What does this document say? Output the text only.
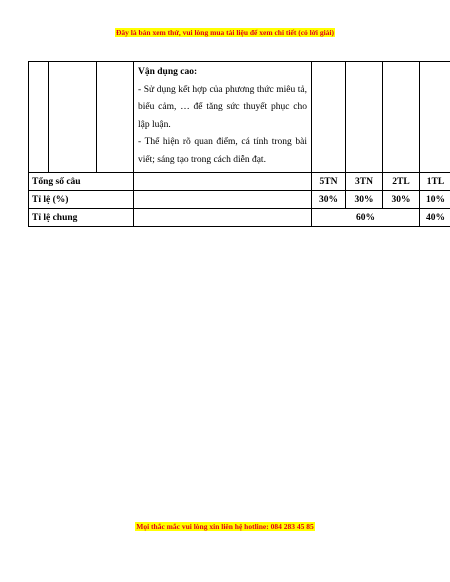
Đây là bản xem thử, vui lòng mua tài liệu để xem chi tiết (có lời giải)

			Vận dụng cao:
- Sử dụng kết hợp của phương thức miêu tả, biểu cảm, … để tăng sức thuyết phục cho lập luận.
- Thể hiện rõ quan điểm, cá tính trong bài viết; sáng tạo trong cách diễn đạt.				

Tổng số câu				5TN	3TN	2TL	1TL
Tỉ lệ (%)				30%	30%	30%	10%
Tỉ lệ chung				60%			40%
Mọi thắc mắc vui lòng xin liên hệ hotline: 084 283 45 85
